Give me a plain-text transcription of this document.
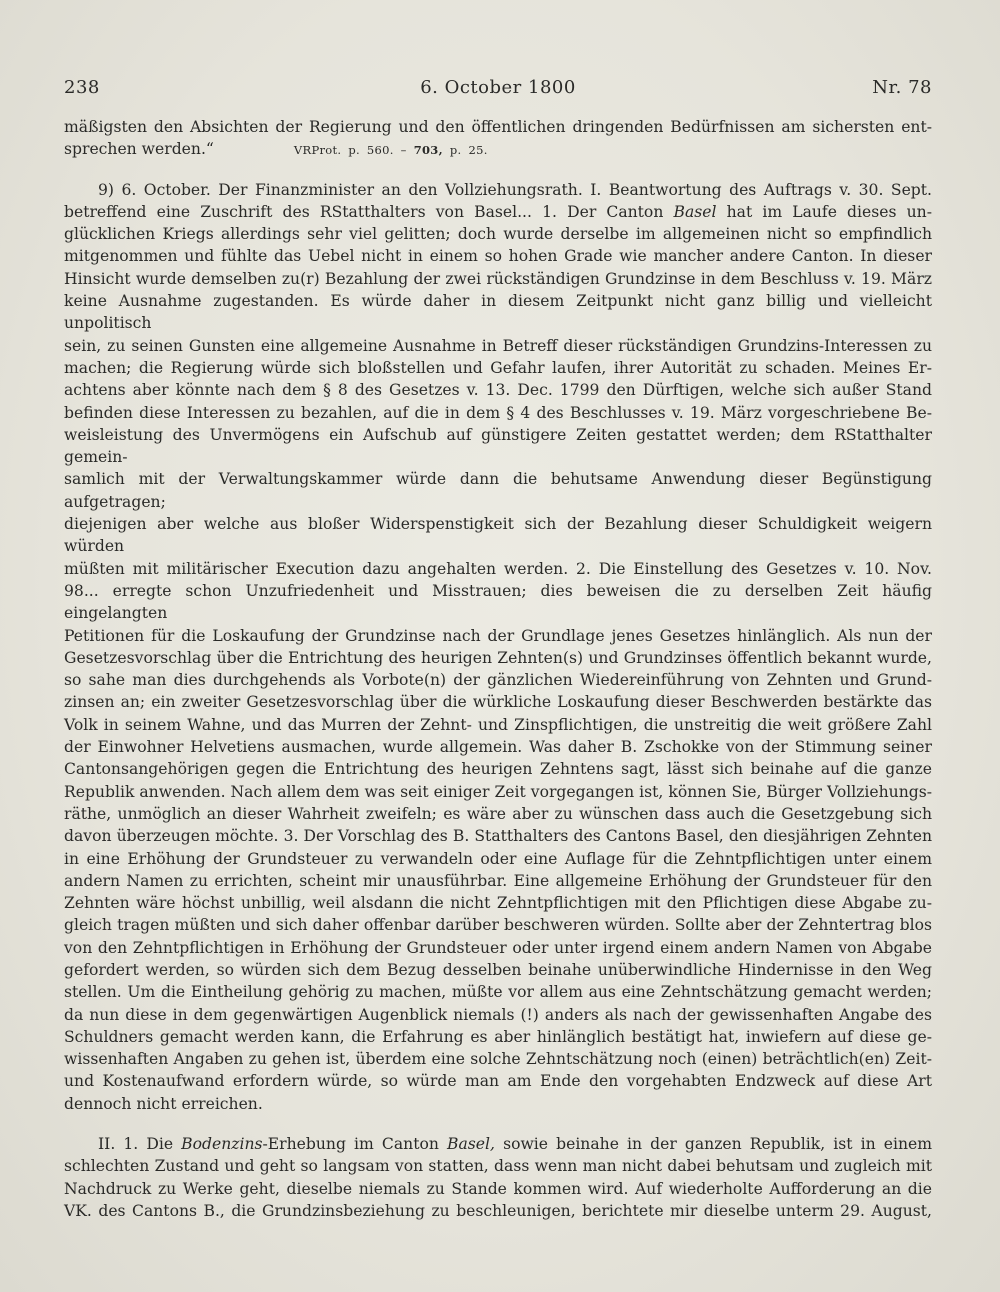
238	6. October 1800	Nr. 78

mäßigsten den Absichten der Regierung und den öffentlichen dringenden Bedürfnissen am sichersten ent-

sprechen werden.“	VRProt. p. 560. – 703, p. 25.

9) 6. October. Der Finanzminister an den Vollziehungsrath. I. Beantwortung des Auftrags v. 30. Sept.

betreffend eine Zuschrift des RStatthalters von Basel... 1. Der Canton Basel hat im Laufe dieses un-

glücklichen Kriegs allerdings sehr viel gelitten; doch wurde derselbe im allgemeinen nicht so empfindlich

mitgenommen und fühlte das Uebel nicht in einem so hohen Grade wie mancher andere Canton. In dieser

Hinsicht wurde demselben zu(r) Bezahlung der zwei rückständigen Grundzinse in dem Beschluss v. 19. März

keine Ausnahme zugestanden. Es würde daher in diesem Zeitpunkt nicht ganz billig und vielleicht unpolitisch

sein, zu seinen Gunsten eine allgemeine Ausnahme in Betreff dieser rückständigen Grundzins-Interessen zu

machen; die Regierung würde sich bloßstellen und Gefahr laufen, ihrer Autorität zu schaden. Meines Er-

achtens aber könnte nach dem § 8 des Gesetzes v. 13. Dec. 1799 den Dürftigen, welche sich außer Stand

befinden diese Interessen zu bezahlen, auf die in dem § 4 des Beschlusses v. 19. März vorgeschriebene Be-

weisleistung des Unvermögens ein Aufschub auf günstigere Zeiten gestattet werden; dem RStatthalter gemein-

samlich mit der Verwaltungskammer würde dann die behutsame Anwendung dieser Begünstigung aufgetragen;

diejenigen aber welche aus bloßer Widerspenstigkeit sich der Bezahlung dieser Schuldigkeit weigern würden

müßten mit militärischer Execution dazu angehalten werden. 2. Die Einstellung des Gesetzes v. 10. Nov.

98... erregte schon Unzufriedenheit und Misstrauen; dies beweisen die zu derselben Zeit häufig eingelangten

Petitionen für die Loskaufung der Grundzinse nach der Grundlage jenes Gesetzes hinlänglich. Als nun der

Gesetzesvorschlag über die Entrichtung des heurigen Zehnten(s) und Grundzinses öffentlich bekannt wurde,

so sahe man dies durchgehends als Vorbote(n) der gänzlichen Wiedereinführung von Zehnten und Grund-

zinsen an; ein zweiter Gesetzesvorschlag über die würkliche Loskaufung dieser Beschwerden bestärkte das

Volk in seinem Wahne, und das Murren der Zehnt- und Zinspflichtigen, die unstreitig die weit größere Zahl

der Einwohner Helvetiens ausmachen, wurde allgemein. Was daher B. Zschokke von der Stimmung seiner

Cantonsangehörigen gegen die Entrichtung des heurigen Zehntens sagt, lässt sich beinahe auf die ganze

Republik anwenden. Nach allem dem was seit einiger Zeit vorgegangen ist, können Sie, Bürger Vollziehungs-

räthe, unmöglich an dieser Wahrheit zweifeln; es wäre aber zu wünschen dass auch die Gesetzgebung sich

davon überzeugen möchte. 3. Der Vorschlag des B. Statthalters des Cantons Basel, den diesjährigen Zehnten

in eine Erhöhung der Grundsteuer zu verwandeln oder eine Auflage für die Zehntpflichtigen unter einem

andern Namen zu errichten, scheint mir unausführbar. Eine allgemeine Erhöhung der Grundsteuer für den

Zehnten wäre höchst unbillig, weil alsdann die nicht Zehntpflichtigen mit den Pflichtigen diese Abgabe zu-

gleich tragen müßten und sich daher offenbar darüber beschweren würden. Sollte aber der Zehntertrag blos

von den Zehntpflichtigen in Erhöhung der Grundsteuer oder unter irgend einem andern Namen von Abgabe

gefordert werden, so würden sich dem Bezug desselben beinahe unüberwindliche Hindernisse in den Weg

stellen. Um die Eintheilung gehörig zu machen, müßte vor allem aus eine Zehntschätzung gemacht werden;

da nun diese in dem gegenwärtigen Augenblick niemals (!) anders als nach der gewissenhaften Angabe des

Schuldners gemacht werden kann, die Erfahrung es aber hinlänglich bestätigt hat, inwiefern auf diese ge-

wissenhaften Angaben zu gehen ist, überdem eine solche Zehntschätzung noch (einen) beträchtlich(en) Zeit-

und Kostenaufwand erfordern würde, so würde man am Ende den vorgehabten Endzweck auf diese Art

dennoch nicht erreichen.

II. 1. Die Bodenzins-Erhebung im Canton Basel, sowie beinahe in der ganzen Republik, ist in einem

schlechten Zustand und geht so langsam von statten, dass wenn man nicht dabei behutsam und zugleich mit

Nachdruck zu Werke geht, dieselbe niemals zu Stande kommen wird. Auf wiederholte Aufforderung an die

VK. des Cantons B., die Grundzinsbeziehung zu beschleunigen, berichtete mir dieselbe unterm 29. August,
